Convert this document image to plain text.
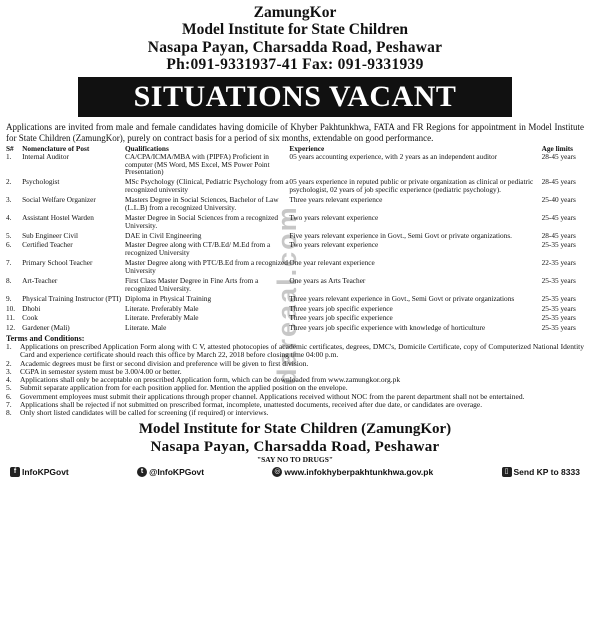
ZamungKor
Model Institute for State Children
Nasapa Payan, Charsadda Road, Peshawar
Ph:091-9331937-41 Fax: 091-9331939
SITUATIONS VACANT

Applications are invited from male and female candidates having domicile of Khyber Pakhtunkhwa, FATA and FR Regions for appointment in Model Institute for State Children (ZamungKor), purely on contract basis for a period of six months, extendable on good performance.

S#	Nomenclature of Post	Qualifications	Experience	Age limits
1.	Internal Auditor	CA/CPA/ICMA/MBA with (PIPFA) Proficient in computer (MS Word, MS Excel, MS Power Point Presentation)	05 years accounting experience, with 2 years as an independent auditor	28-45 years
2.	Psychologist	MSc Psychology (Clinical, Pediatric Psychology from a recognized university	05 years experience in reputed public or private organization as clinical or pediatric psychologist, 02 years of job specific experience (pediatric psychology).	28-45 years
3.	Social Welfare Organizer	Masters Degree in Social Sciences, Bachelor of Law (L.L.B) from a recognized University.	Three years relevant experience	25-40 years
4.	Assistant Hostel Warden	Master Degree in Social Sciences from a recognized University.	Two years relevant experience	25-45 years
5.	Sub Engineer Civil	DAE in Civil Engineering	Five years relevant experience in Govt., Semi Govt or private organizations.	28-45 years
6.	Certified Teacher	Master Degree along with CT/B.Ed/ M.Ed from a recognized University	Two years relevant experience	25-35 years
7.	Primary School Teacher	Master Degree along with PTC/B.Ed from a recognized University	One year relevant experience	22-35 years
8.	Art-Teacher	First Class Master Degree in Fine Arts from a recognized University.	One years as Arts Teacher	25-35 years
9.	Physical Training Instructor (PTI)	Diploma in Physical Training	Three years relevant experience in Govt., Semi Govt or private organizations	25-35 years
10.	Dhobi	Literate. Preferably Male	Three years job specific experience	25-35 years
11.	Cook	Literate. Preferably Male	Three years job specific experience	25-35 years
12.	Gardener (Mali)	Literate. Male	Three years job specific experience with knowledge of horticulture	25-35 years
Terms and Conditions:
1.	Applications on prescribed Application Form along with C V, attested photocopies of academic certificates, degrees, DMC's, Domicile Certificate, copy of Computerized National Identity Card and experience certificate should reach this office by March 22, 2018 before closing time 04:00 p.m.
2.	Academic degrees must be first or second division and preference will be given to first division.
3.	CGPA in semester system must be 3.00/4.00 or better.
4.	Applications shall only be acceptable on prescribed Application form, which can be downloaded from www.zamungkor.org.pk
5.	Submit separate application from for each position applied for. Mention the applied position on the envelope.
6.	Government employees must submit their applications through proper channel. Applications received without NOC from the parent department shall not be entertained.
7.	Applications shall be rejected if not submitted on prescribed format, incomplete, unattested documents, received after due date, or candidates are overage.
8.	Only short listed candidates will be called for screening (if required) or interviews.
Model Institute for State Children (ZamungKor)
Nasapa Payan, Charsadda Road, Peshawar
"SAY NO TO DRUGS"
f InfoKPGovt	t @InfoKPGovt	◎ www.infokhyberpakhtunkhwa.gov.pk	▯ Send KP to 8333
dareaal.com
